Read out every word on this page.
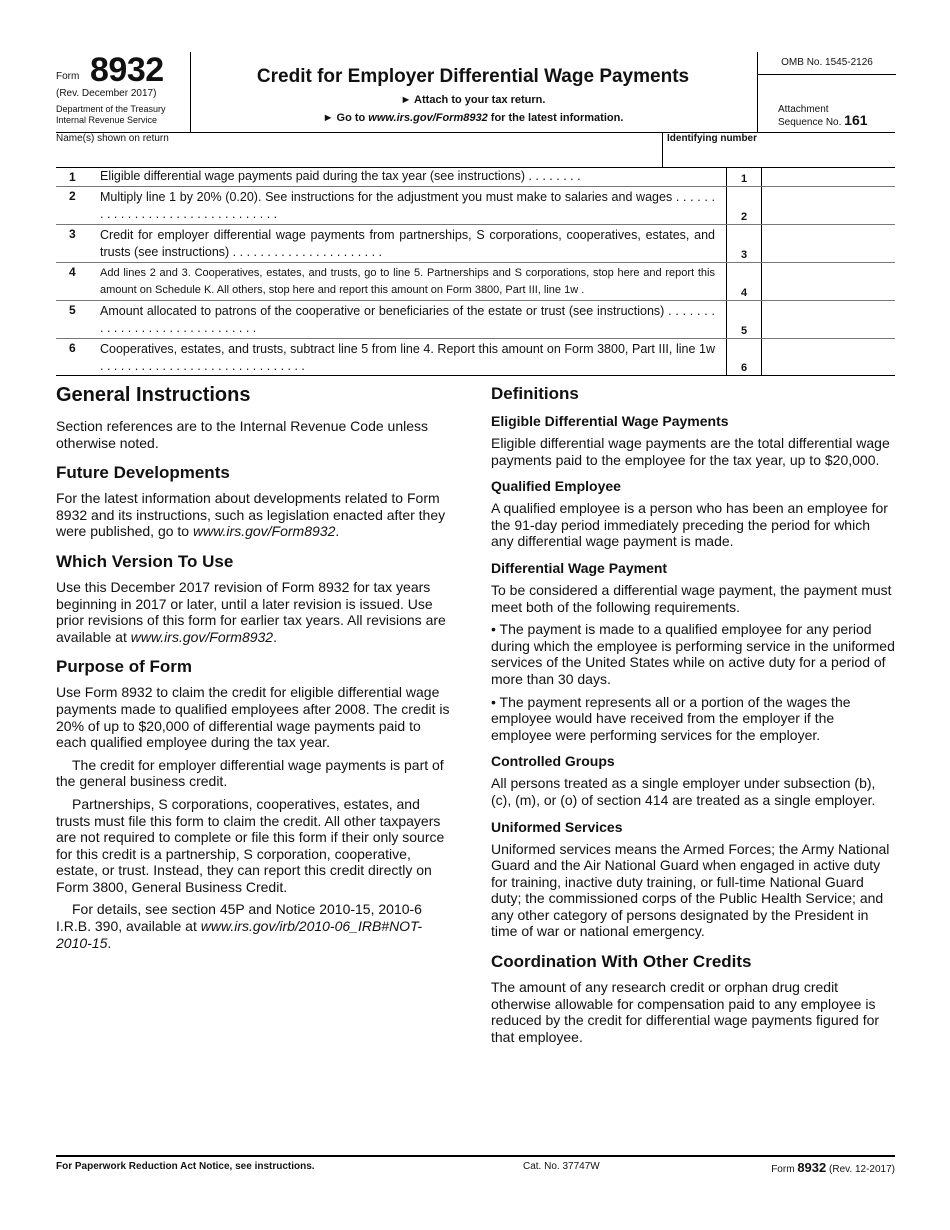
Form 8932
(Rev. December 2017)
Department of the Treasury
Internal Revenue Service
Credit for Employer Differential Wage Payments
► Attach to your tax return.
► Go to www.irs.gov/Form8932 for the latest information.
OMB No. 1545-2126
Attachment
Sequence No. 161
Name(s) shown on return	Identifying number
1 Eligible differential wage payments paid during the tax year (see instructions) . . . . . . . .	1
2 Multiply line 1 by 20% (0.20). See instructions for the adjustment you must make to salaries and wages . . . . . . . . . . . . . . . . . . . . . . . . . . . . . . . .	2
3 Credit for employer differential wage payments from partnerships, S corporations, cooperatives, estates, and trusts (see instructions) . . . . . . . . . . . . . . . . . . . . . .	3
4 Add lines 2 and 3. Cooperatives, estates, and trusts, go to line 5. Partnerships and S corporations, stop here and report this amount on Schedule K. All others, stop here and report this amount on Form 3800, Part III, line 1w .	4
5 Amount allocated to patrons of the cooperative or beneficiaries of the estate or trust (see instructions) . . . . . . . . . . . . . . . . . . . . . . . . . . . . . .	5
6 Cooperatives, estates, and trusts, subtract line 5 from line 4. Report this amount on Form 3800, Part III, line 1w . . . . . . . . . . . . . . . . . . . . . . . . . . . . . .	6
General Instructions

Section references are to the Internal Revenue Code unless otherwise noted.

Future Developments

For the latest information about developments related to Form 8932 and its instructions, such as legislation enacted after they were published, go to www.irs.gov/Form8932.

Which Version To Use

Use this December 2017 revision of Form 8932 for tax years beginning in 2017 or later, until a later revision is issued. Use prior revisions of this form for earlier tax years. All revisions are available at www.irs.gov/Form8932.

Purpose of Form

Use Form 8932 to claim the credit for eligible differential wage payments made to qualified employees after 2008. The credit is 20% of up to $20,000 of differential wage payments paid to each qualified employee during the tax year.

The credit for employer differential wage payments is part of the general business credit.

Partnerships, S corporations, cooperatives, estates, and trusts must file this form to claim the credit. All other taxpayers are not required to complete or file this form if their only source for this credit is a partnership, S corporation, cooperative, estate, or trust. Instead, they can report this credit directly on Form 3800, General Business Credit.

For details, see section 45P and Notice 2010-15, 2010-6 I.R.B. 390, available at www.irs.gov/irb/2010-06_IRB#NOT-2010-15.

Definitions
Eligible Differential Wage Payments

Eligible differential wage payments are the total differential wage payments paid to the employee for the tax year, up to $20,000.

Qualified Employee

A qualified employee is a person who has been an employee for the 91-day period immediately preceding the period for which any differential wage payment is made.

Differential Wage Payment

To be considered a differential wage payment, the payment must meet both of the following requirements.

• The payment is made to a qualified employee for any period during which the employee is performing service in the uniformed services of the United States while on active duty for a period of more than 30 days.

• The payment represents all or a portion of the wages the employee would have received from the employer if the employee were performing services for the employer.

Controlled Groups

All persons treated as a single employer under subsection (b), (c), (m), or (o) of section 414 are treated as a single employer.

Uniformed Services

Uniformed services means the Armed Forces; the Army National Guard and the Air National Guard when engaged in active duty for training, inactive duty training, or full-time National Guard duty; the commissioned corps of the Public Health Service; and any other category of persons designated by the President in time of war or national emergency.

Coordination With Other Credits

The amount of any research credit or orphan drug credit otherwise allowable for compensation paid to any employee is reduced by the credit for differential wage payments figured for that employee.

For Paperwork Reduction Act Notice, see instructions.	Cat. No. 37747W	Form 8932 (Rev. 12-2017)
